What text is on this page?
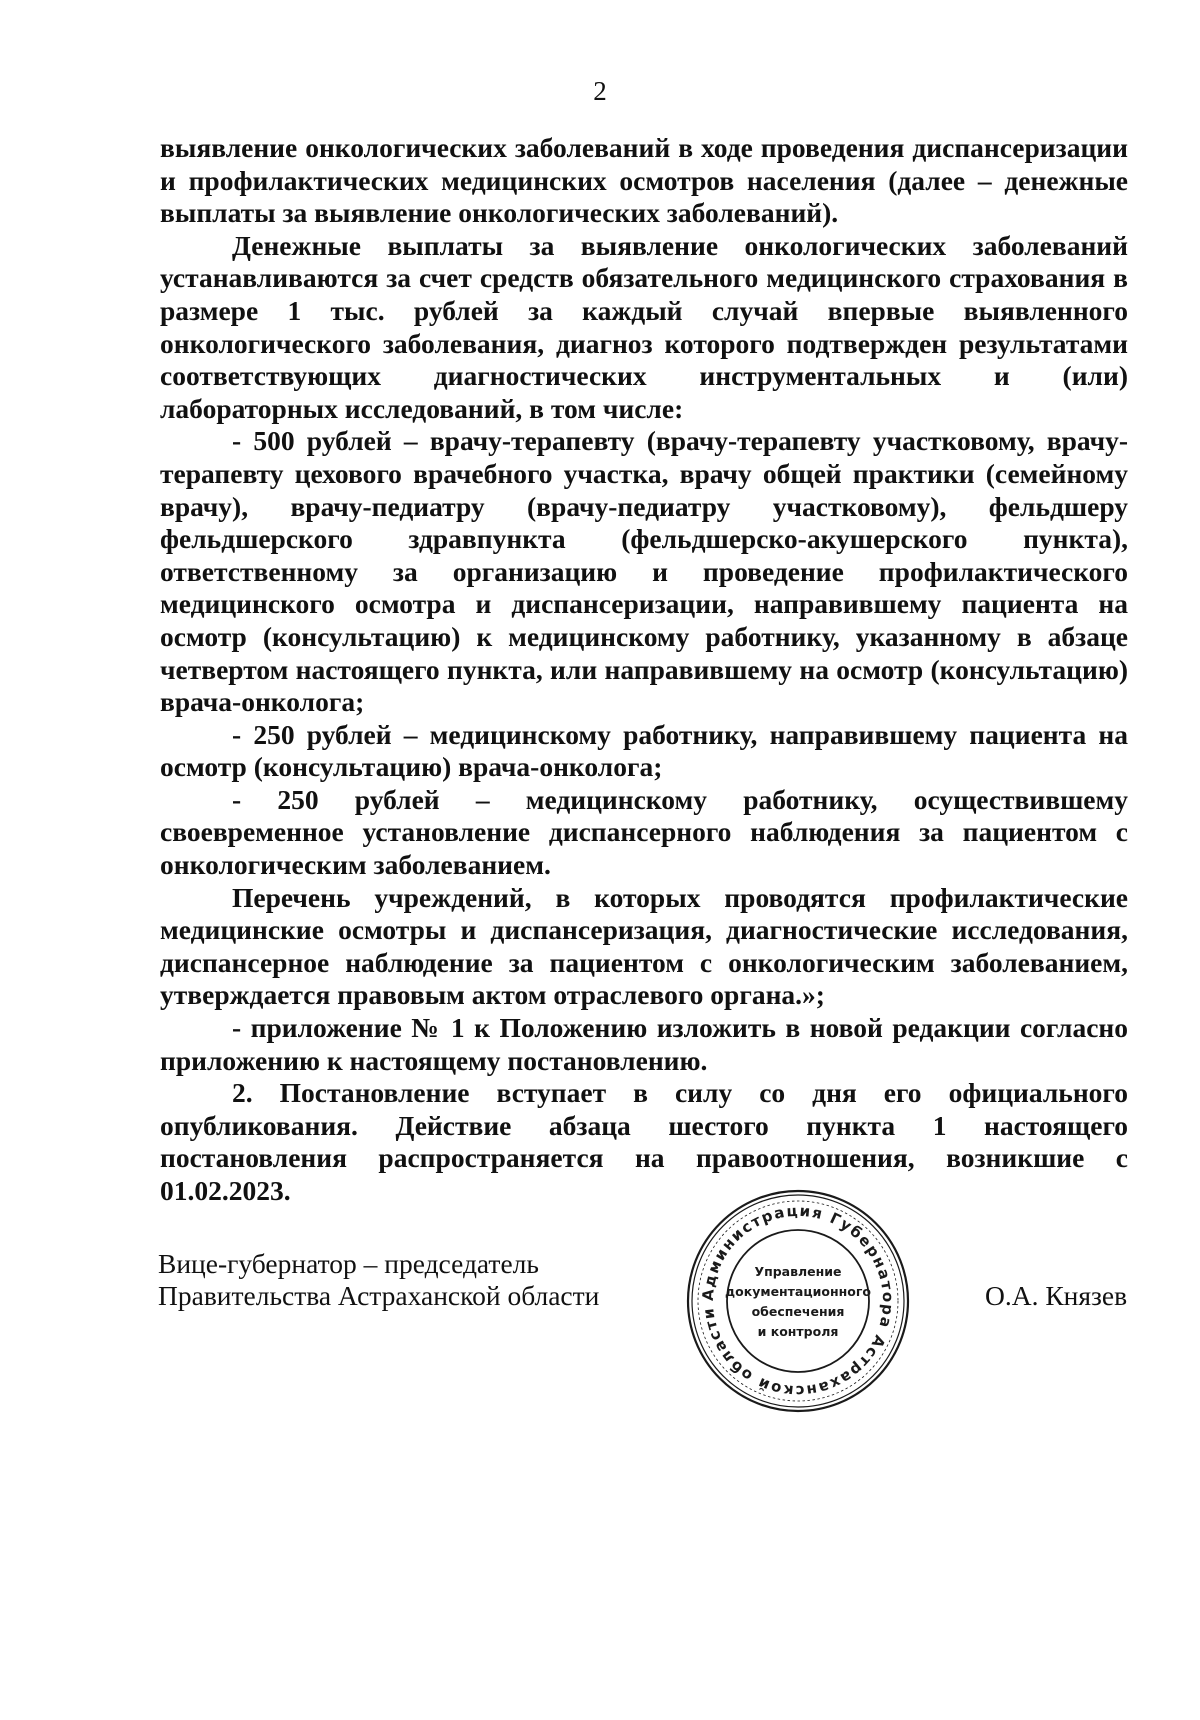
2

выявление онкологических заболеваний в ходе проведения диспансеризации и профилактических медицинских осмотров населения (далее – денежные выплаты за выявление онкологических заболеваний).

Денежные выплаты за выявление онкологических заболеваний устанавливаются за счет средств обязательного медицинского страхования в размере 1 тыс. рублей за каждый случай впервые выявленного онкологического заболевания, диагноз которого подтвержден результатами соответствующих диагностических инструментальных и (или) лабораторных исследований, в том числе:

- 500 рублей – врачу-терапевту (врачу-терапевту участковому, врачу-терапевту цехового врачебного участка, врачу общей практики (семейному врачу), врачу-педиатру (врачу-педиатру участковому), фельдшеру фельдшерского здравпункта (фельдшерско-акушерского пункта), ответственному за организацию и проведение профилактического медицинского осмотра и диспансеризации, направившему пациента на осмотр (консультацию) к медицинскому работнику, указанному в абзаце четвертом настоящего пункта, или направившему на осмотр (консультацию) врача-онколога;

- 250 рублей – медицинскому работнику, направившему пациента на осмотр (консультацию) врача-онколога;

- 250 рублей – медицинскому работнику, осуществившему своевременное установление диспансерного наблюдения за пациентом с онкологическим заболеванием.

Перечень учреждений, в которых проводятся профилактические медицинские осмотры и диспансеризация, диагностические исследования, диспансерное наблюдение за пациентом с онкологическим заболеванием, утверждается правовым актом отраслевого органа.»;

- приложение № 1 к Положению изложить в новой редакции согласно приложению к настоящему постановлению.

2. Постановление вступает в силу со дня его официального опубликования. Действие абзаца шестого пункта 1 настоящего постановления распространяется на правоотношения, возникшие с 01.02.2023.

Вице-губернатор – председатель
Правительства Астраханской области	О.А. Князев
Администрация Губернатора Астраханской области
Управление
документационного
обеспечения
и контроля
